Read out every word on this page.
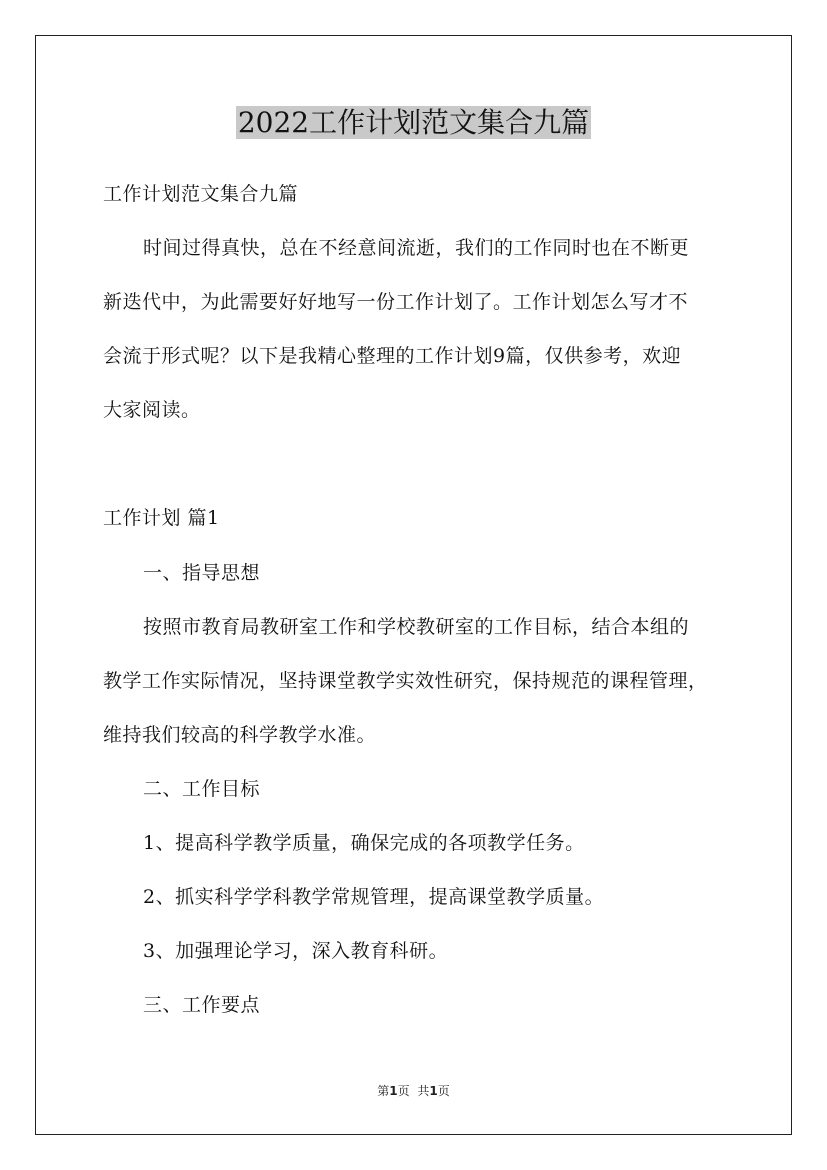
2022工作计划范文集合九篇
工作计划范文集合九篇
时间过得真快，总在不经意间流逝，我们的工作同时也在不断更
新迭代中，为此需要好好地写一份工作计划了。工作计划怎么写才不
会流于形式呢？以下是我精心整理的工作计划9篇，仅供参考，欢迎
大家阅读。
工作计划 篇1
一、指导思想
按照市教育局教研室工作和学校教研室的工作目标，结合本组的
教学工作实际情况，坚持课堂教学实效性研究，保持规范的课程管理，
维持我们较高的科学教学水准。
二、工作目标
1、提高科学教学质量，确保完成的各项教学任务。
2、抓实科学学科教学常规管理，提高课堂教学质量。
3、加强理论学习，深入教育科研。
三、工作要点
第1页 共1页
